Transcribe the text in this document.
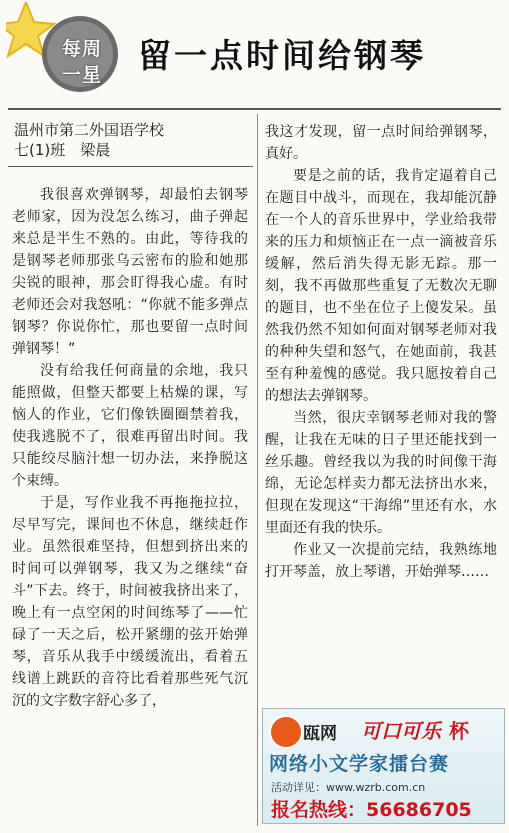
每周
一星	留一点时间给钢琴
温州市第二外国语学校
七(1)班　梁晨

我很喜欢弹钢琴，却最怕去钢琴老师家，因为没怎么练习，曲子弹起来总是半生不熟的。由此，等待我的是钢琴老师那张乌云密布的脸和她那尖锐的眼神，那会盯得我心虚。有时老师还会对我怒吼：“你就不能多弹点钢琴？你说你忙，那也要留一点时间弹钢琴！”

没有给我任何商量的余地，我只能照做，但整天都要上枯燥的课，写恼人的作业，它们像铁圈圈禁着我，使我逃脱不了，很难再留出时间。我只能绞尽脑汁想一切办法，来挣脱这个束缚。

于是，写作业我不再拖拖拉拉，尽早写完，课间也不休息，继续赶作业。虽然很难坚持，但想到挤出来的时间可以弹钢琴，我又为之继续“奋斗”下去。终于，时间被我挤出来了，晚上有一点空闲的时间练琴了——忙碌了一天之后，松开紧绷的弦开始弹琴，音乐从我手中缓缓流出，看着五线谱上跳跃的音符比看着那些死气沉沉的文字数字舒心多了，

我这才发现，留一点时间给弹钢琴，真好。

要是之前的话，我肯定逼着自己在题目中战斗，而现在，我却能沉静在一个人的音乐世界中，学业给我带来的压力和烦恼正在一点一滴被音乐缓解，然后消失得无影无踪。那一刻，我不再做那些重复了无数次无聊的题目，也不坐在位子上傻发呆。虽然我仍然不知如何面对钢琴老师对我的种种失望和怒气，在她面前，我甚至有种羞愧的感觉。我只愿按着自己的想法去弹钢琴。

当然，很庆幸钢琴老师对我的警醒，让我在无味的日子里还能找到一丝乐趣。曾经我以为我的时间像干海绵，无论怎样卖力都无法挤出水来，但现在发现这“干海绵”里还有水，水里面还有我的快乐。

作业又一次提前完结，我熟练地打开琴盖，放上琴谱，开始弹琴……

瓯网 可口可乐 杯
网络小文学家擂台赛
活动详见：www.wzrb.com.cn
报名热线：56686705
